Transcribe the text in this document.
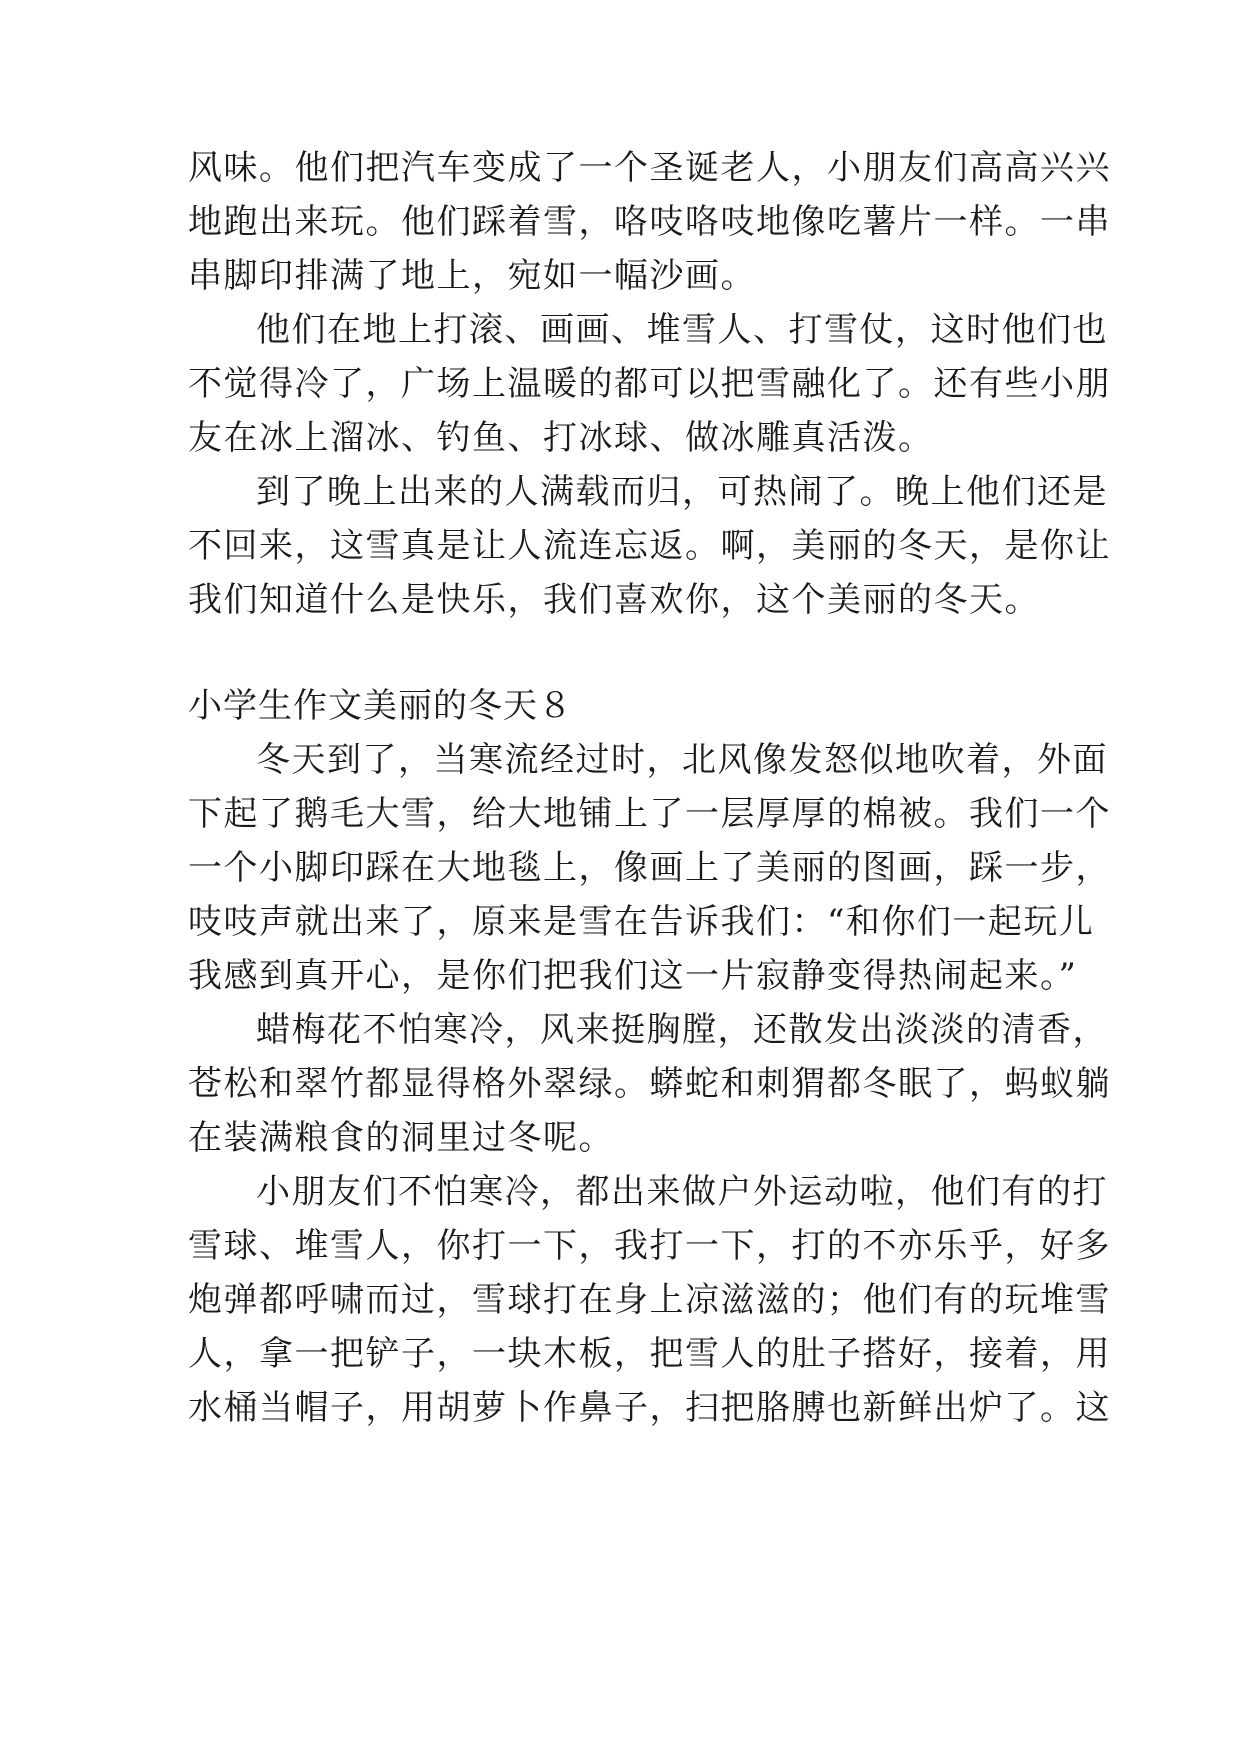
风味。他们把汽车变成了一个圣诞老人，小朋友们高高兴兴

地跑出来玩。他们踩着雪，咯吱咯吱地像吃薯片一样。一串

串脚印排满了地上，宛如一幅沙画。

他们在地上打滚、画画、堆雪人、打雪仗，这时他们也

不觉得冷了，广场上温暖的都可以把雪融化了。还有些小朋

友在冰上溜冰、钓鱼、打冰球、做冰雕真活泼。

到了晚上出来的人满载而归，可热闹了。晚上他们还是

不回来，这雪真是让人流连忘返。啊，美丽的冬天，是你让

我们知道什么是快乐，我们喜欢你，这个美丽的冬天。

小学生作文美丽的冬天８

冬天到了，当寒流经过时，北风像发怒似地吹着，外面

下起了鹅毛大雪，给大地铺上了一层厚厚的棉被。我们一个

一个小脚印踩在大地毯上，像画上了美丽的图画，踩一步，

吱吱声就出来了，原来是雪在告诉我们：“和你们一起玩儿

我感到真开心，是你们把我们这一片寂静变得热闹起来。”

蜡梅花不怕寒冷，风来挺胸膛，还散发出淡淡的清香，

苍松和翠竹都显得格外翠绿。蟒蛇和刺猬都冬眠了，蚂蚁躺

在装满粮食的洞里过冬呢。

小朋友们不怕寒冷，都出来做户外运动啦，他们有的打

雪球、堆雪人，你打一下，我打一下，打的不亦乐乎，好多

炮弹都呼啸而过，雪球打在身上凉滋滋的；他们有的玩堆雪

人，拿一把铲子，一块木板，把雪人的肚子搭好，接着，用

水桶当帽子，用胡萝卜作鼻子，扫把胳膊也新鲜出炉了。这
